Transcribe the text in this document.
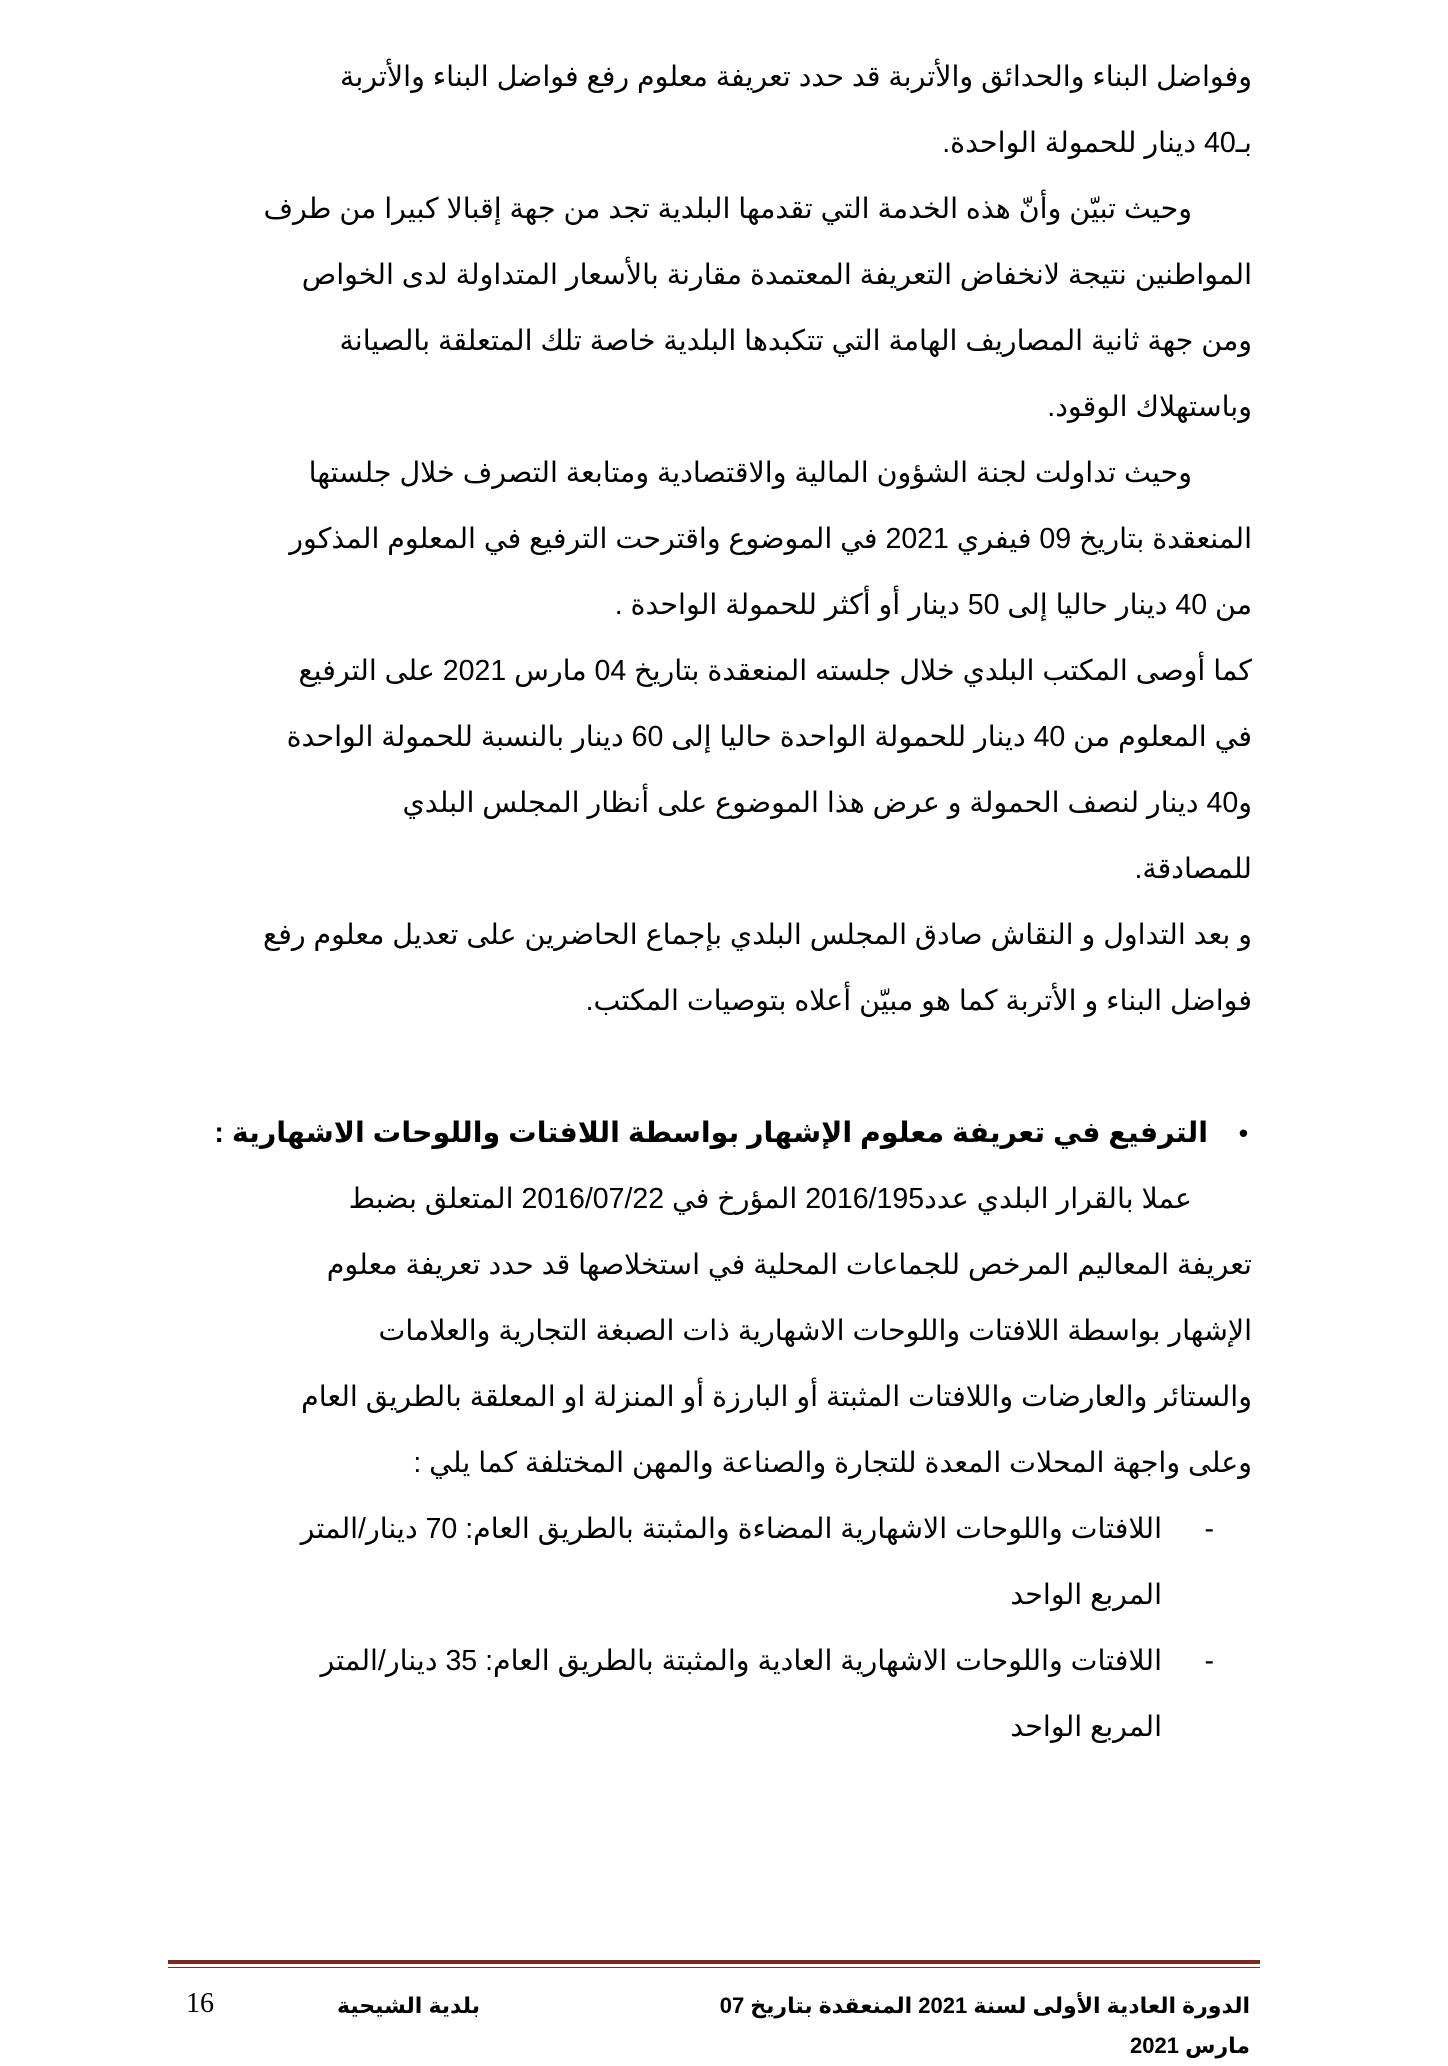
وفواضل البناء والحدائق والأتربة قد حدد تعريفة معلوم رفع فواضل البناء والأتربة
بـ40 دينار للحمولة الواحدة.

وحيث تبيّن وأنّ هذه الخدمة التي تقدمها البلدية تجد من جهة إقبالا كبيرا من طرف
المواطنين نتيجة لانخفاض التعريفة المعتمدة مقارنة بالأسعار المتداولة لدى الخواص
ومن جهة ثانية المصاريف الهامة التي تتكبدها البلدية خاصة تلك المتعلقة بالصيانة
وباستهلاك الوقود.

وحيث تداولت لجنة الشؤون المالية والاقتصادية ومتابعة التصرف خلال جلستها
المنعقدة بتاريخ 09 فيفري 2021 في الموضوع واقترحت الترفيع في المعلوم المذكور
من 40 دينار حاليا إلى 50 دينار أو أكثر للحمولة الواحدة .

كما أوصى المكتب البلدي خلال جلسته المنعقدة بتاريخ 04 مارس 2021 على الترفيع
في المعلوم من 40 دينار للحمولة الواحدة حاليا إلى 60 دينار بالنسبة للحمولة الواحدة
و40 دينار لنصف الحمولة و عرض هذا الموضوع على أنظار المجلس البلدي
للمصادقة.

و بعد التداول و النقاش صادق المجلس البلدي بإجماع الحاضرين على تعديل معلوم رفع
فواضل البناء و الأتربة كما هو مبيّن أعلاه بتوصيات المكتب.

•
الترفيع في تعريفة معلوم الإشهار بواسطة اللافتات واللوحات الاشهارية :

عملا بالقرار البلدي عدد2016/195 المؤرخ في 2016/07/22 المتعلق بضبط
تعريفة المعاليم المرخص للجماعات المحلية في استخلاصها قد حدد تعريفة معلوم
الإشهار بواسطة اللافتات واللوحات الاشهارية ذات الصبغة التجارية والعلامات
والستائر والعارضات واللافتات المثبتة أو البارزة أو المنزلة او المعلقة بالطريق العام
وعلى واجهة المحلات المعدة للتجارة والصناعة والمهن المختلفة كما يلي :

-
اللافتات واللوحات الاشهارية المضاءة والمثبتة بالطريق العام: 70 دينار/المتر
المربع الواحد

-
اللافتات واللوحات الاشهارية العادية والمثبتة بالطريق العام: 35 دينار/المتر
المربع الواحد

16	بلدية الشيحية	الدورة العادية الأولى لسنة 2021 المنعقدة بتاريخ 07 مارس 2021
